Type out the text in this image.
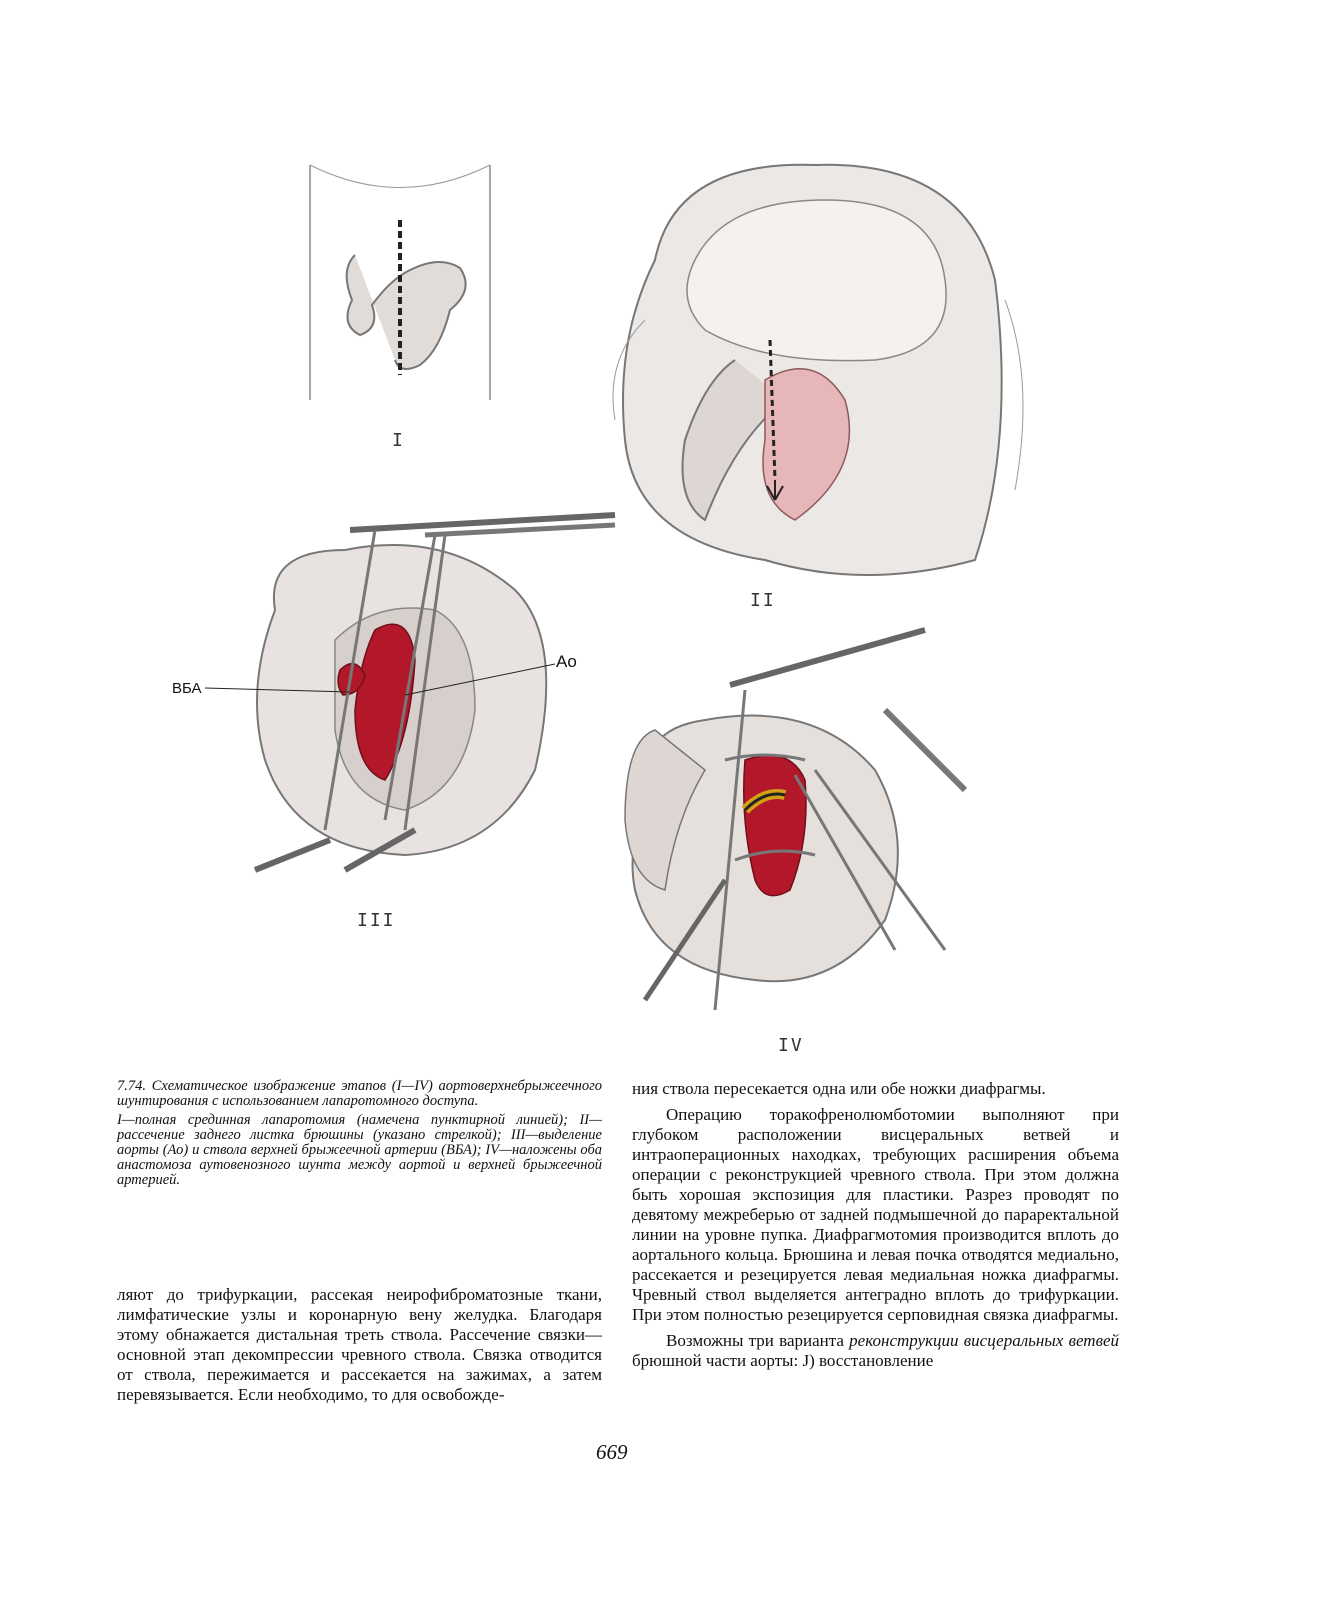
I
II
ВБА
Ао
III
IV

7.74. Схематическое изображение этапов (I—IV) аортоверхнебрыжеечного шунтирования с использованием лапаротомного доступа.

I—полная срединная лапаротомия (намечена пунктирной линией); II—рассечение заднего листка брюшины (указано стрелкой); III—выделение аорты (Ао) и ствола верхней брыжеечной артерии (ВБА); IV—наложены оба анастомоза аутовенозного шунта между аортой и верхней брыжеечной артерией.

ляют до трифуркации, рассекая неирофиброматозные ткани, лимфатические узлы и коронарную вену желудка. Благодаря этому обнажается дистальная треть ствола. Рассечение связки—основной этап декомпрессии чревного ствола. Связка отводится от ствола, пережимается и рассекается на зажимах, а затем перевязывается. Если необходимо, то для освобожде-

ния ствола пересекается одна или обе ножки диафрагмы.

Операцию торакофренолюмботомии выполняют при глубоком расположении висцеральных ветвей и интраоперационных находках, требующих расширения объема операции с реконструкцией чревного ствола. При этом должна быть хорошая экспозиция для пластики. Разрез проводят по девятому межреберью от задней подмышечной до параректальной линии на уровне пупка. Диафрагмотомия производится вплоть до аортального кольца. Брюшина и левая почка отводятся медиально, рассекается и резецируется левая медиальная ножка диафрагмы. Чревный ствол выделяется антеградно вплоть до трифуркации. При этом полностью резецируется серповидная связка диафрагмы.

Возможны три варианта реконструкции висцеральных ветвей брюшной части аорты: J) восстановление

669
